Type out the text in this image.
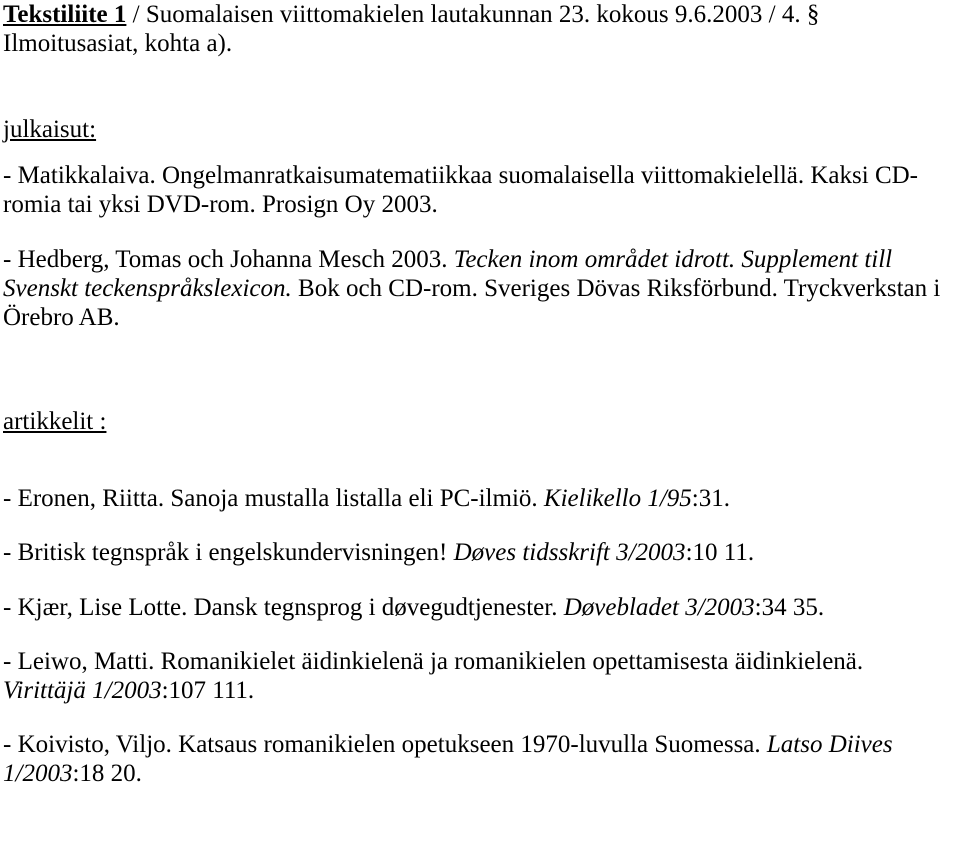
Tekstiliite 1 / Suomalaisen viittomakielen lautakunnan 23. kokous 9.6.2003 / 4. §
Ilmoitusasiat, kohta a).

julkaisut:

- Matikkalaiva. Ongelmanratkaisumatematiikkaa suomalaisella viittomakielellä. Kaksi CD-
romia tai yksi DVD-rom. Prosign Oy 2003.

- Hedberg, Tomas och Johanna Mesch 2003. Tecken inom området idrott. Supplement till Svenskt teckenspråkslexicon. Bok och CD-rom. Sveriges Dövas Riksförbund. Tryckverkstan i Örebro AB.

artikkelit :

- Eronen, Riitta. Sanoja mustalla listalla eli PC-ilmiö. Kielikello 1/95:31.

- Britisk tegnspråk i engelskundervisningen! Døves tidsskrift 3/2003:10 11.

- Kjær, Lise Lotte. Dansk tegnsprog i døvegudtjenester. Døvebladet 3/2003:34 35.

- Leiwo, Matti. Romanikielet äidinkielenä ja romanikielen opettamisesta äidinkielenä.
Virittäjä 1/2003:107 111.

- Koivisto, Viljo. Katsaus romanikielen opetukseen 1970-luvulla Suomessa. Latso Diives 1/2003:18 20.
